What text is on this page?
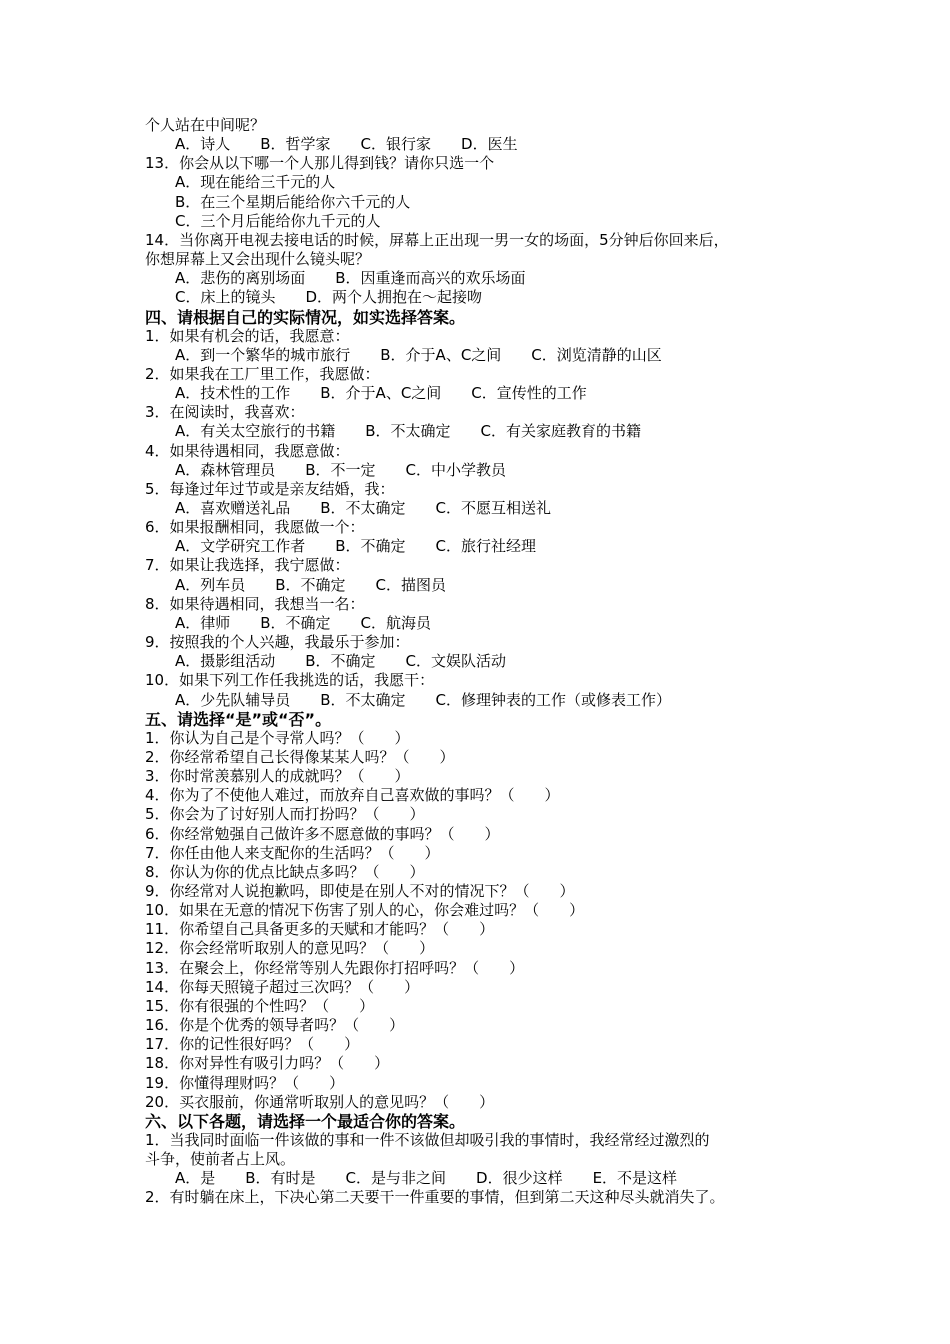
个人站在中间呢？
A．诗人　　B．哲学家　　C．银行家　　D．医生
13．你会从以下哪一个人那儿得到钱？请你只选一个
A．现在能给三千元的人
B．在三个星期后能给你六千元的人
C．三个月后能给你九千元的人
14．当你离开电视去接电话的时候，屏幕上正出现一男一女的场面，5分钟后你回来后，
你想屏幕上又会出现什么镜头呢？
A．悲伤的离别场面　　B．因重逢而高兴的欢乐场面
C．床上的镜头　　D．两个人拥抱在～起接吻
四、请根据自己的实际情况，如实选择答案。
1．如果有机会的话，我愿意：
A．到一个繁华的城市旅行　　B．介于A、C之间　　C．浏览清静的山区
2．如果我在工厂里工作，我愿做：
A．技术性的工作　　B．介于A、C之间　　C．宣传性的工作
3．在阅读时，我喜欢：
A．有关太空旅行的书籍　　B．不太确定　　C．有关家庭教育的书籍
4．如果待遇相同，我愿意做：
A．森林管理员　　B．不一定　　C．中小学教员
5．每逢过年过节或是亲友结婚，我：
A．喜欢赠送礼品　　B．不太确定　　C．不愿互相送礼
6．如果报酬相同，我愿做一个：
A．文学研究工作者　　B．不确定　　C．旅行社经理
7．如果让我选择，我宁愿做：
A．列车员　　B．不确定　　C．描图员
8．如果待遇相同，我想当一名：
A．律师　　B．不确定　　C．航海员
9．按照我的个人兴趣，我最乐于参加：
A．摄影组活动　　B．不确定　　C．文娱队活动
10．如果下列工作任我挑选的话，我愿干：
A．少先队辅导员　　B．不太确定　　C．修理钟表的工作（或修表工作）
五、请选择“是”或“否”。
1．你认为自己是个寻常人吗？（　　）
2．你经常希望自己长得像某某人吗？（　　）
3．你时常羡慕别人的成就吗？（　　）
4．你为了不使他人难过，而放弃自己喜欢做的事吗？（　　）
5．你会为了讨好别人而打扮吗？（　　）
6．你经常勉强自己做许多不愿意做的事吗？（　　）
7．你任由他人来支配你的生活吗？（　　）
8．你认为你的优点比缺点多吗？（　　）
9．你经常对人说抱歉吗，即使是在别人不对的情况下？（　　）
10．如果在无意的情况下伤害了别人的心，你会难过吗？（　　）
11．你希望自己具备更多的天赋和才能吗？（　　）
12．你会经常听取别人的意见吗？（　　）
13．在聚会上，你经常等别人先跟你打招呼吗？（　　）
14．你每天照镜子超过三次吗？（　　）
15．你有很强的个性吗？（　　）
16．你是个优秀的领导者吗？（　　）
17．你的记性很好吗？（　　）
18．你对异性有吸引力吗？（　　）
19．你懂得理财吗？（　　）
20．买衣服前，你通常听取别人的意见吗？（　　）
六、以下各题，请选择一个最适合你的答案。
1．当我同时面临一件该做的事和一件不该做但却吸引我的事情时，我经常经过激烈的
斗争，使前者占上风。
A．是　　B．有时是　　C．是与非之间　　D．很少这样　　E．不是这样
2．有时躺在床上，下决心第二天要干一件重要的事情，但到第二天这种尽头就消失了。
